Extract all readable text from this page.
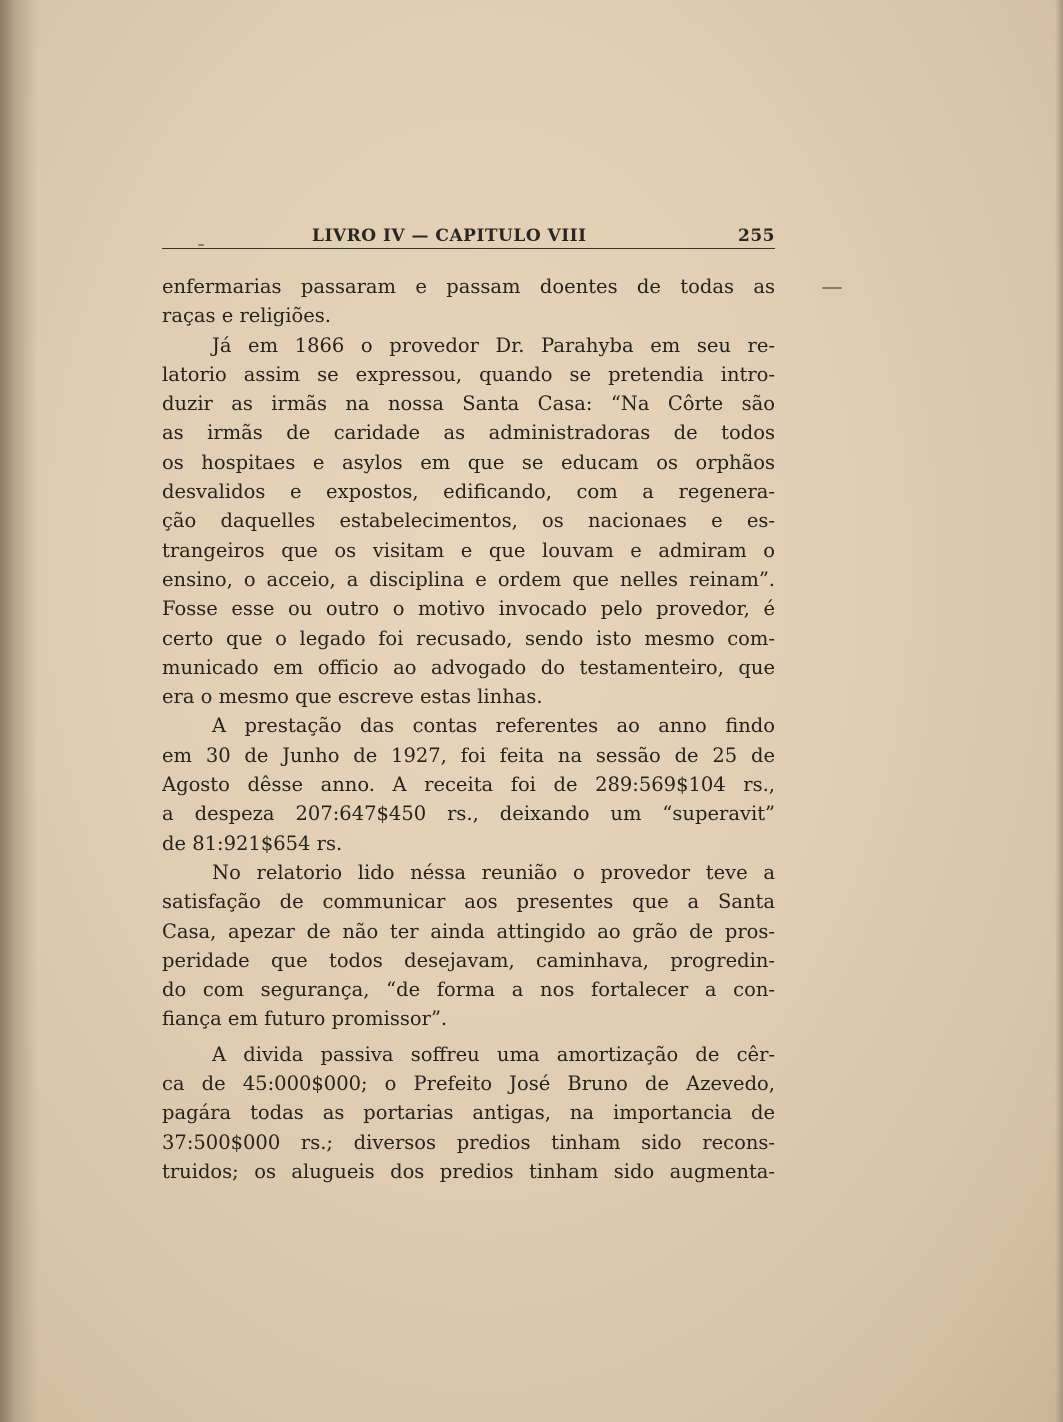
LIVRO IV — CAPITULO VIII	255
enfermarias passaram e passam doentes de todas as
raças e religiões.
Já em 1866 o provedor Dr. Parahyba em seu re-
latorio assim se expressou, quando se pretendia intro-
duzir as irmãs na nossa Santa Casa: “Na Côrte são
as irmãs de caridade as administradoras de todos
os hospitaes e asylos em que se educam os orphãos
desvalidos e expostos, edificando, com a regenera-
ção daquelles estabelecimentos, os nacionaes e es-
trangeiros que os visitam e que louvam e admiram o
ensino, o acceio, a disciplina e ordem que nelles reinam”.
Fosse esse ou outro o motivo invocado pelo provedor, é
certo que o legado foi recusado, sendo isto mesmo com-
municado em officio ao advogado do testamenteiro, que
era o mesmo que escreve estas linhas.
A prestação das contas referentes ao anno findo
em 30 de Junho de 1927, foi feita na sessão de 25 de
Agosto dêsse anno. A receita foi de 289:569$104 rs.,
a despeza 207:647$450 rs., deixando um “superavit”
de 81:921$654 rs.
No relatorio lido néssa reunião o provedor teve a
satisfação de communicar aos presentes que a Santa
Casa, apezar de não ter ainda attingido ao grão de pros-
peridade que todos desejavam, caminhava, progredin-
do com segurança, “de forma a nos fortalecer a con-
fiança em futuro promissor”.
A divida passiva soffreu uma amortização de cêr-
ca de 45:000$000; o Prefeito José Bruno de Azevedo,
pagára todas as portarias antigas, na importancia de
37:500$000 rs.; diversos predios tinham sido recons-
truidos; os alugueis dos predios tinham sido augmenta-
